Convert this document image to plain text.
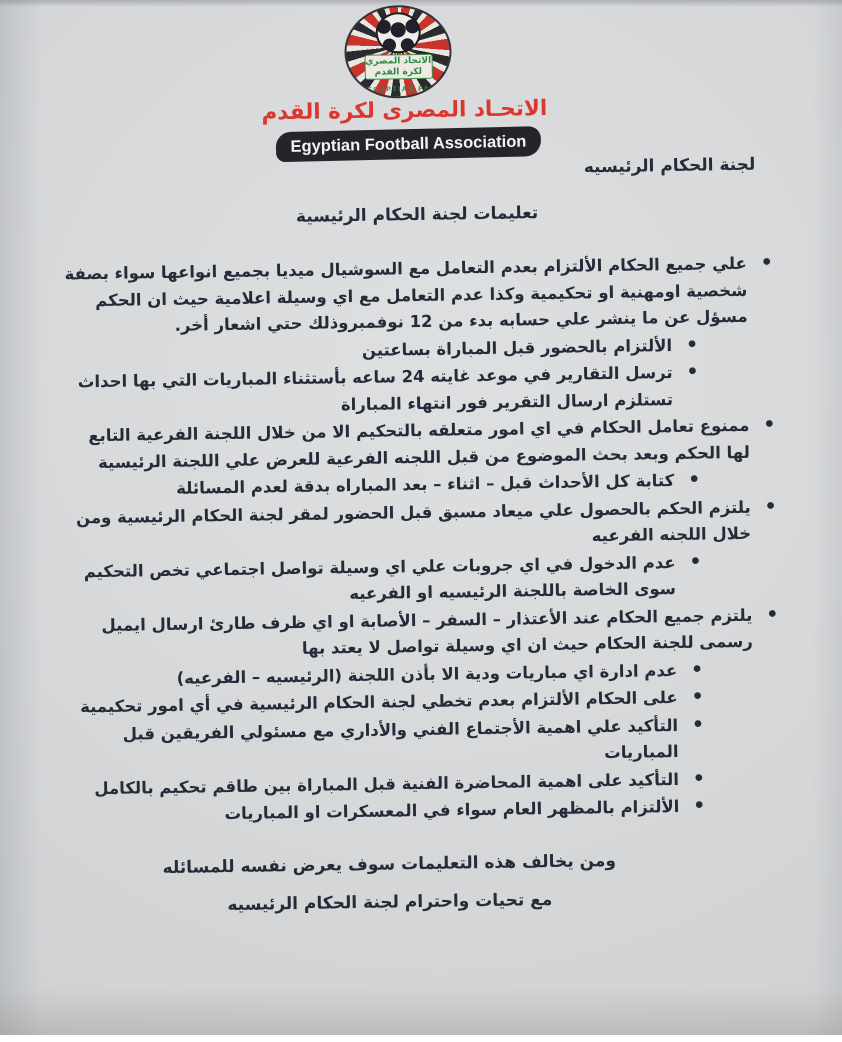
الاتحاد المصري
لكرة القدم
EGYPTIAN FA
الاتحـاد المصرى لكرة القدم
Egyptian Football Association
لجنة الحكام الرئيسيه
تعليمات لجنة الحكام الرئيسية
• علي جميع الحكام الألتزام بعدم التعامل مع السوشيال ميديا بجميع انواعها سواء بصفة شخصية اومهنية او تحكيمية وكذا عدم التعامل مع اي وسيلة اعلامية حيث ان الحكم مسؤل عن ما ينشر علي حسابه بدء من 12 نوفمبروذلك حتي اشعار أخر.
• الألتزام بالحضور قبل المباراة بساعتين
• ترسل التقارير في موعد غايته 24 ساعه بأستثناء المباريات التي بها احداث تستلزم ارسال التقرير فور انتهاء المباراة
• ممنوع تعامل الحكام في اي امور متعلقه بالتحكيم الا من خلال اللجنة الفرعية التابع لها الحكم وبعد بحث الموضوع من قبل اللجنه الفرعية للعرض علي اللجنة الرئيسية
• كتابة كل الأحداث قبل – اثناء – بعد المباراه بدقة لعدم المسائلة
• يلتزم الحكم بالحصول علي ميعاد مسبق قبل الحضور لمقر لجنة الحكام الرئيسية ومن خلال اللجنه الفرعيه
• عدم الدخول في اي جروبات علي اي وسيلة تواصل اجتماعي تخص التحكيم سوى الخاصة باللجنة الرئيسيه او الفرعيه
• يلتزم جميع الحكام عند الأعتذار – السفر – الأصابة او اي ظرف طارئ ارسال ايميل رسمى للجنة الحكام حيث ان اي وسيلة تواصل لا يعتد بها
• عدم ادارة اي مباريات ودية الا بأذن اللجنة (الرئيسيه – الفرعيه)
• على الحكام الألتزام بعدم تخطي لجنة الحكام الرئيسية في أي امور تحكيمية
• التأكيد علي اهمية الأجتماع الفني والأداري مع مسئولي الفريقين قبل المباريات
• التأكيد على اهمية المحاضرة الفنية قبل المباراة بين طاقم تحكيم بالكامل
• الألتزام بالمظهر العام سواء في المعسكرات او المباريات
ومن يخالف هذه التعليمات سوف يعرض نفسه للمسائله
مع تحيات واحترام لجنة الحكام الرئيسيه
